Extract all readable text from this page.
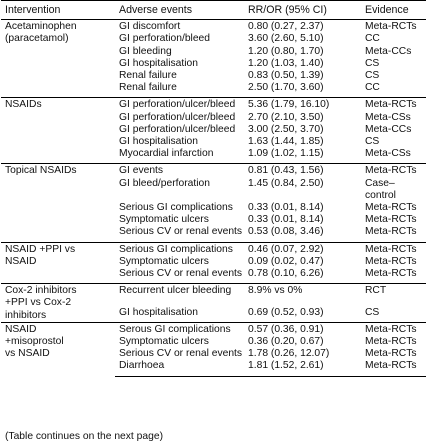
Intervention	Adverse events	RR/OR (95% CI)	Evidence
Acetaminophen
(paracetamol)	GI discomfort	0.80 (0.27, 2.37)	Meta-RCTs
	GI perforation/bleed	3.60 (2.60, 5.10)	CC
	GI bleeding	1.20 (0.80, 1.70)	Meta-CCs
	GI hospitalisation	1.20 (1.03, 1.40)	CS
	Renal failure	0.83 (0.50, 1.39)	CS
	Renal failure	2.50 (1.70, 3.60)	CC
NSAIDs	GI perforation/ulcer/bleed	5.36 (1.79, 16.10)	Meta-RCTs
	GI perforation/ulcer/bleed	2.70 (2.10, 3.50)	Meta-CSs
	GI perforation/ulcer/bleed	3.00 (2.50, 3.70)	Meta-CCs
	GI hospitalisation	1.63 (1.44, 1.85)	CS
	Myocardial infarction	1.09 (1.02, 1.15)	Meta-CSs
Topical NSAIDs	GI events	0.81 (0.43, 1.56)	Meta-RCTs
	GI bleed/perforation	1.45 (0.84, 2.50)	Case–
control
	Serious GI complications	0.33 (0.01, 8.14)	Meta-RCTs
	Symptomatic ulcers	0.33 (0.01, 8.14)	Meta-RCTs
	Serious CV or renal events	0.53 (0.08, 3.46)	Meta-RCTs
NSAID +PPI vs
NSAID	Serious GI complications	0.46 (0.07, 2.92)	Meta-RCTs
	Symptomatic ulcers	0.09 (0.02, 0.47)	Meta-RCTs
	Serious CV or renal events	0.78 (0.10, 6.26)	Meta-RCTs
Cox-2 inhibitors
+PPI vs Cox-2
inhibitors	Recurrent ulcer bleeding	8.9% vs 0%	RCT
	GI hospitalisation	0.69 (0.52, 0.93)	CS
NSAID
+misoprostol
vs NSAID	Serous GI complications	0.57 (0.36, 0.91)	Meta-RCTs
	Symptomatic ulcers	0.36 (0.20, 0.67)	Meta-RCTs
	Serious CV or renal events	1.78 (0.26, 12.07)	Meta-RCTs
	Diarrhoea	1.81 (1.52, 2.61)	Meta-RCTs
(Table continues on the next page)
